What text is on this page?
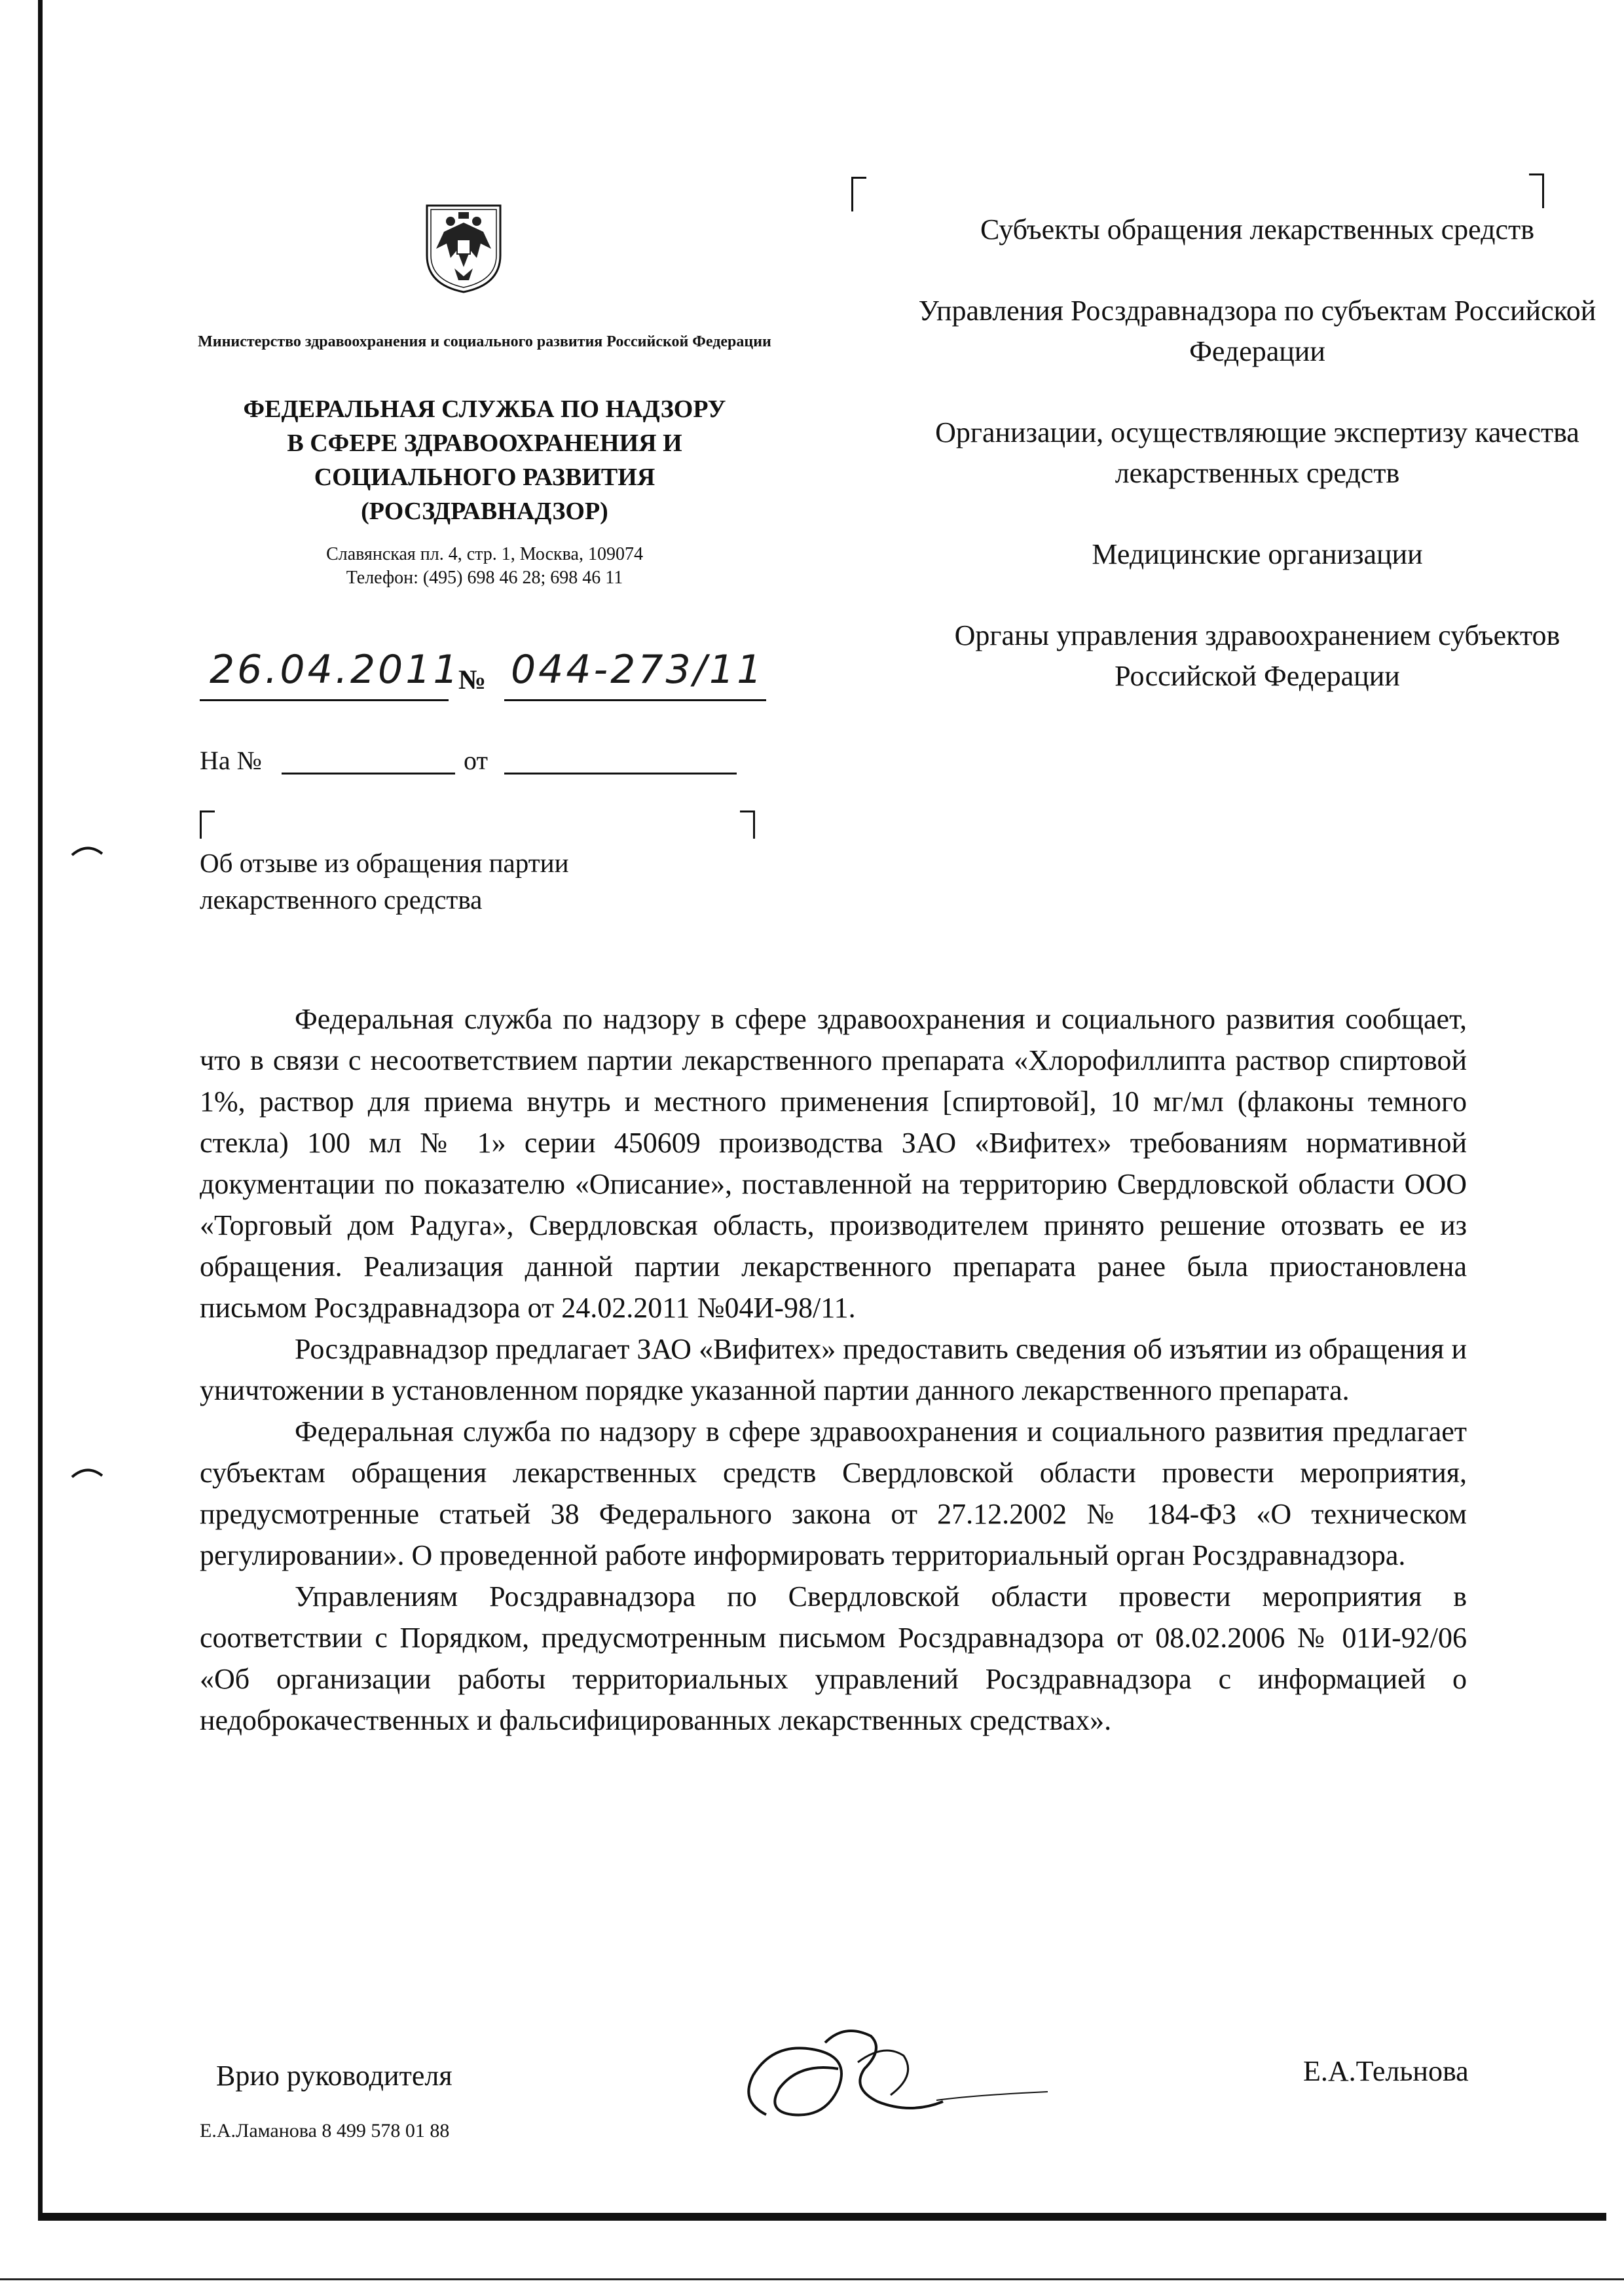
Министерство здравоохранения и социального развития Российской Федерации
ФЕДЕРАЛЬНАЯ СЛУЖБА ПО НАДЗОРУ
В СФЕРЕ ЗДРАВООХРАНЕНИЯ И
СОЦИАЛЬНОГО РАЗВИТИЯ
(РОСЗДРАВНАДЗОР)
Славянская пл. 4, стр. 1, Москва, 109074
Телефон: (495) 698 46 28; 698 46 11
26.04.2011
№ 044-273/11
На №	от
Об отзыве из обращения партии лекарственного средства
Субъекты обращения лекарственных средств
Управления Росздравнадзора по субъектам Российской Федерации
Организации, осуществляющие экспертизу качества лекарственных средств
Медицинские организации
Органы управления здравоохранением субъектов Российской Федерации

Федеральная служба по надзору в сфере здравоохранения и социального развития сообщает, что в связи с несоответствием партии лекарственного препарата «Хлорофиллипта раствор спиртовой 1%, раствор для приема внутрь и местного применения [спиртовой], 10 мг/мл (флаконы темного стекла) 100 мл № 1» серии 450609 производства ЗАО «Вифитех» требованиям нормативной документации по показателю «Описание», поставленной на территорию Свердловской области ООО «Торговый дом Радуга», Свердловская область, производителем принято решение отозвать ее из обращения. Реализация данной партии лекарственного препарата ранее была приостановлена письмом Росздравнадзора от 24.02.2011 №04И-98/11.

Росздравнадзор предлагает ЗАО «Вифитех» предоставить сведения об изъятии из обращения и уничтожении в установленном порядке указанной партии данного лекарственного препарата.

Федеральная служба по надзору в сфере здравоохранения и социального развития предлагает субъектам обращения лекарственных средств Свердловской области провести мероприятия, предусмотренные статьей 38 Федерального закона от 27.12.2002 № 184-ФЗ «О техническом регулировании». О проведенной работе информировать территориальный орган Росздравнадзора.

Управлениям Росздравнадзора по Свердловской области провести мероприятия в соответствии с Порядком, предусмотренным письмом Росздравнадзора от 08.02.2006 № 01И-92/06 «Об организации работы территориальных управлений Росздравнадзора с информацией о недоброкачественных и фальсифицированных лекарственных средствах».

Врио руководителя	Е.А.Тельнова
Е.А.Ламанова 8 499 578 01 88
